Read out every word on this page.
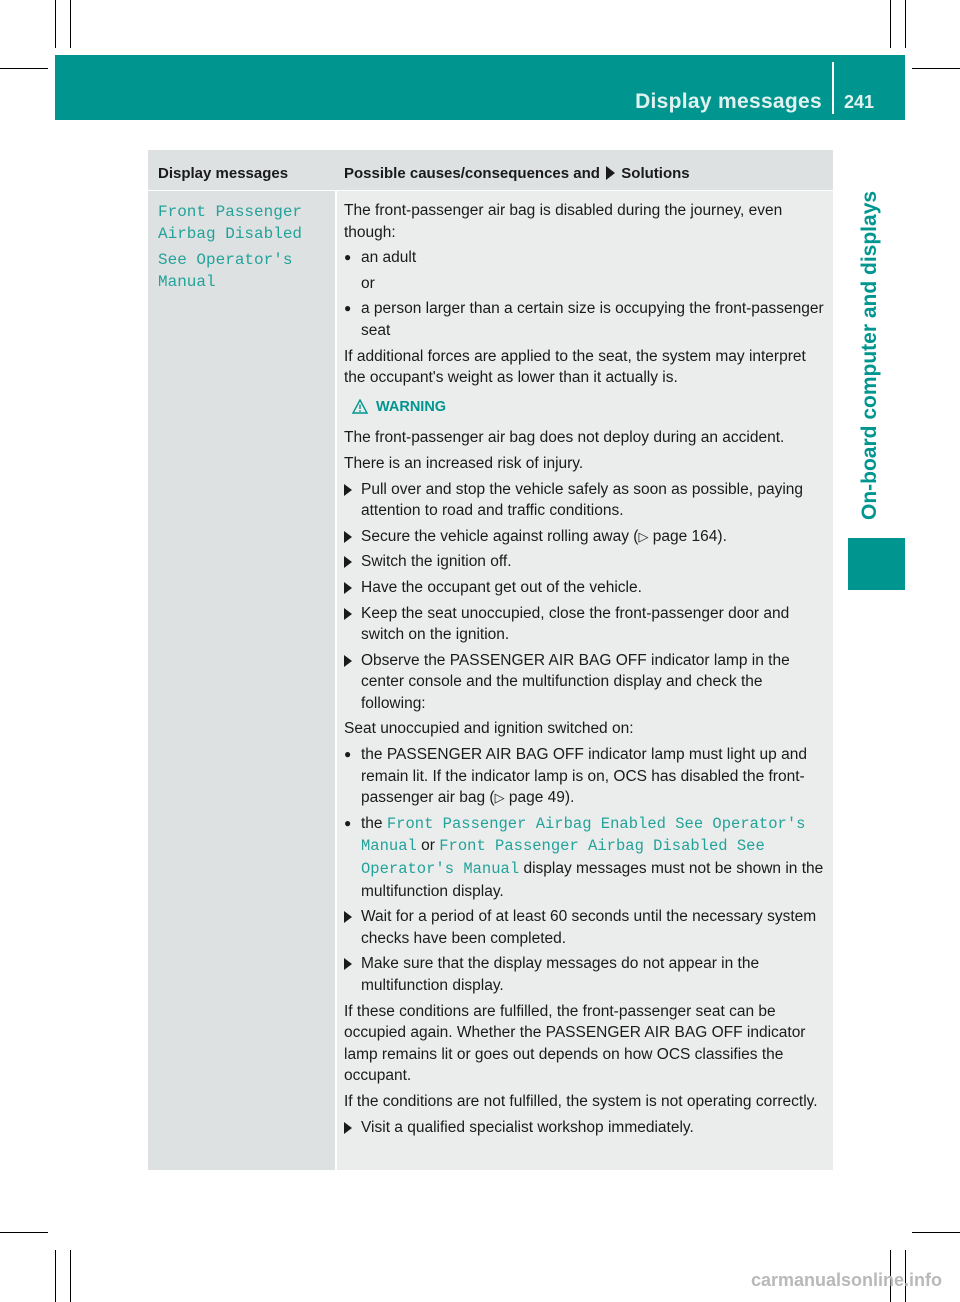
Display messages 241
On-board computer and displays
Display messages	Possible causes/consequences and Solutions
Front Passenger
Airbag Disabled
See Operator's
Manual

The front-passenger air bag is disabled during the journey, even though:

● an adult
or
● a person larger than a certain size is occupying the front-passenger seat

If additional forces are applied to the seat, the system may interpret the occupant's weight as lower than it actually is.

WARNING

The front-passenger air bag does not deploy during an accident.

There is an increased risk of injury.

Pull over and stop the vehicle safely as soon as possible, paying attention to road and traffic conditions.
Secure the vehicle against rolling away (▷ page 164).
Switch the ignition off.
Have the occupant get out of the vehicle.
Keep the seat unoccupied, close the front-passenger door and switch on the ignition.
Observe the PASSENGER AIR BAG OFF indicator lamp in the center console and the multifunction display and check the following:

Seat unoccupied and ignition switched on:

● the PASSENGER AIR BAG OFF indicator lamp must light up and remain lit. If the indicator lamp is on, OCS has disabled the front-passenger air bag (▷ page 49).
● the Front Passenger Airbag Enabled See Operator's Manual or Front Passenger Airbag Disabled See Operator's Manual display messages must not be shown in the multifunction display.
Wait for a period of at least 60 seconds until the necessary system checks have been completed.
Make sure that the display messages do not appear in the multifunction display.

If these conditions are fulfilled, the front-passenger seat can be occupied again. Whether the PASSENGER AIR BAG OFF indicator lamp remains lit or goes out depends on how OCS classifies the occupant.

If the conditions are not fulfilled, the system is not operating correctly.

Visit a qualified specialist workshop immediately.
carmanualsonline.info
